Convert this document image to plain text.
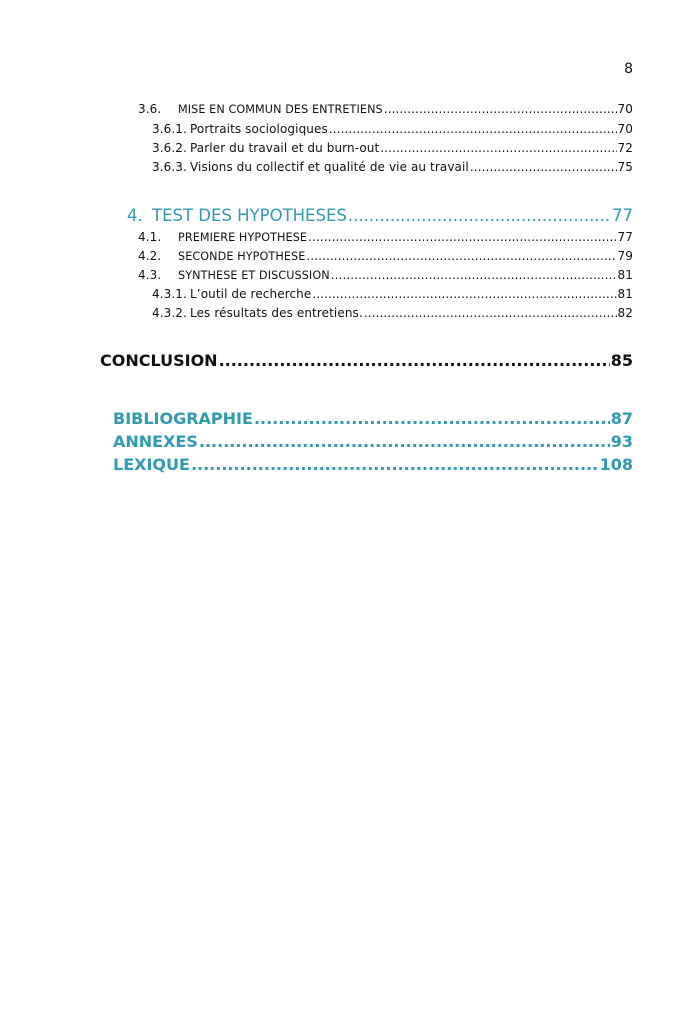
8
3.6.	MISE EN COMMUN DES ENTRETIENS .....	70
3.6.1. Portraits sociologiques .....	70
3.6.2. Parler du travail et du burn-out .....	72
3.6.3. Visions du collectif et qualité de vie au travail .....	75
4. TEST DES HYPOTHESES .....	77
4.1.	PREMIERE HYPOTHESE .....	77
4.2.	SECONDE HYPOTHESE .....	79
4.3.	SYNTHESE ET DISCUSSION .....	81
4.3.1. L’outil de recherche .....	81
4.3.2. Les résultats des entretiens. .....	82
CONCLUSION .....	85
BIBLIOGRAPHIE .....	87
ANNEXES .....	93
LEXIQUE .....	108
